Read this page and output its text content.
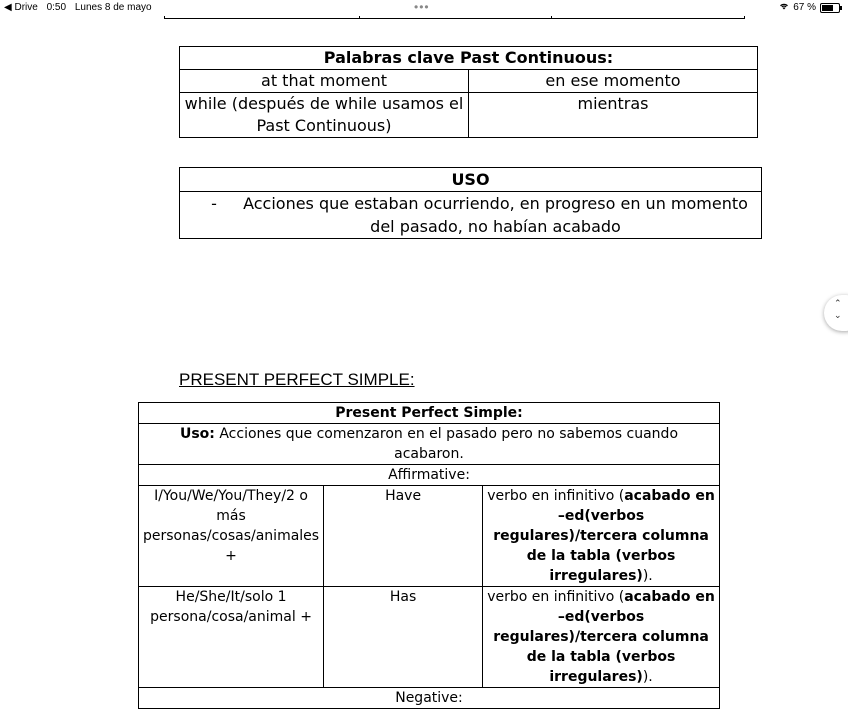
◀ Drive 0:50 Lunes 8 de mayo	•••	67 %
Palabras clave Past Continuous:	
at that moment	en ese momento
while (después de while usamos el Past Continuous)	mientras
USO

-	Acciones que estaban ocurriendo, en progreso en un momento del pasado, no habían acabado
⌃
⌄
PRESENT PERFECT SIMPLE:
Present Perfect Simple:		
Uso: Acciones que comenzaron en el pasado pero no sabemos cuando acabaron.		
Affirmative:		
I/You/We/You/They/2 o más personas/cosas/animales +	Have	verbo en infinitivo (acabado en –ed(verbos regulares)/tercera columna de la tabla (verbos irregulares)).
He/She/It/solo 1 persona/cosa/animal +	Has	verbo en infinitivo (acabado en –ed(verbos regulares)/tercera columna de la tabla (verbos irregulares)).
Negative:		
